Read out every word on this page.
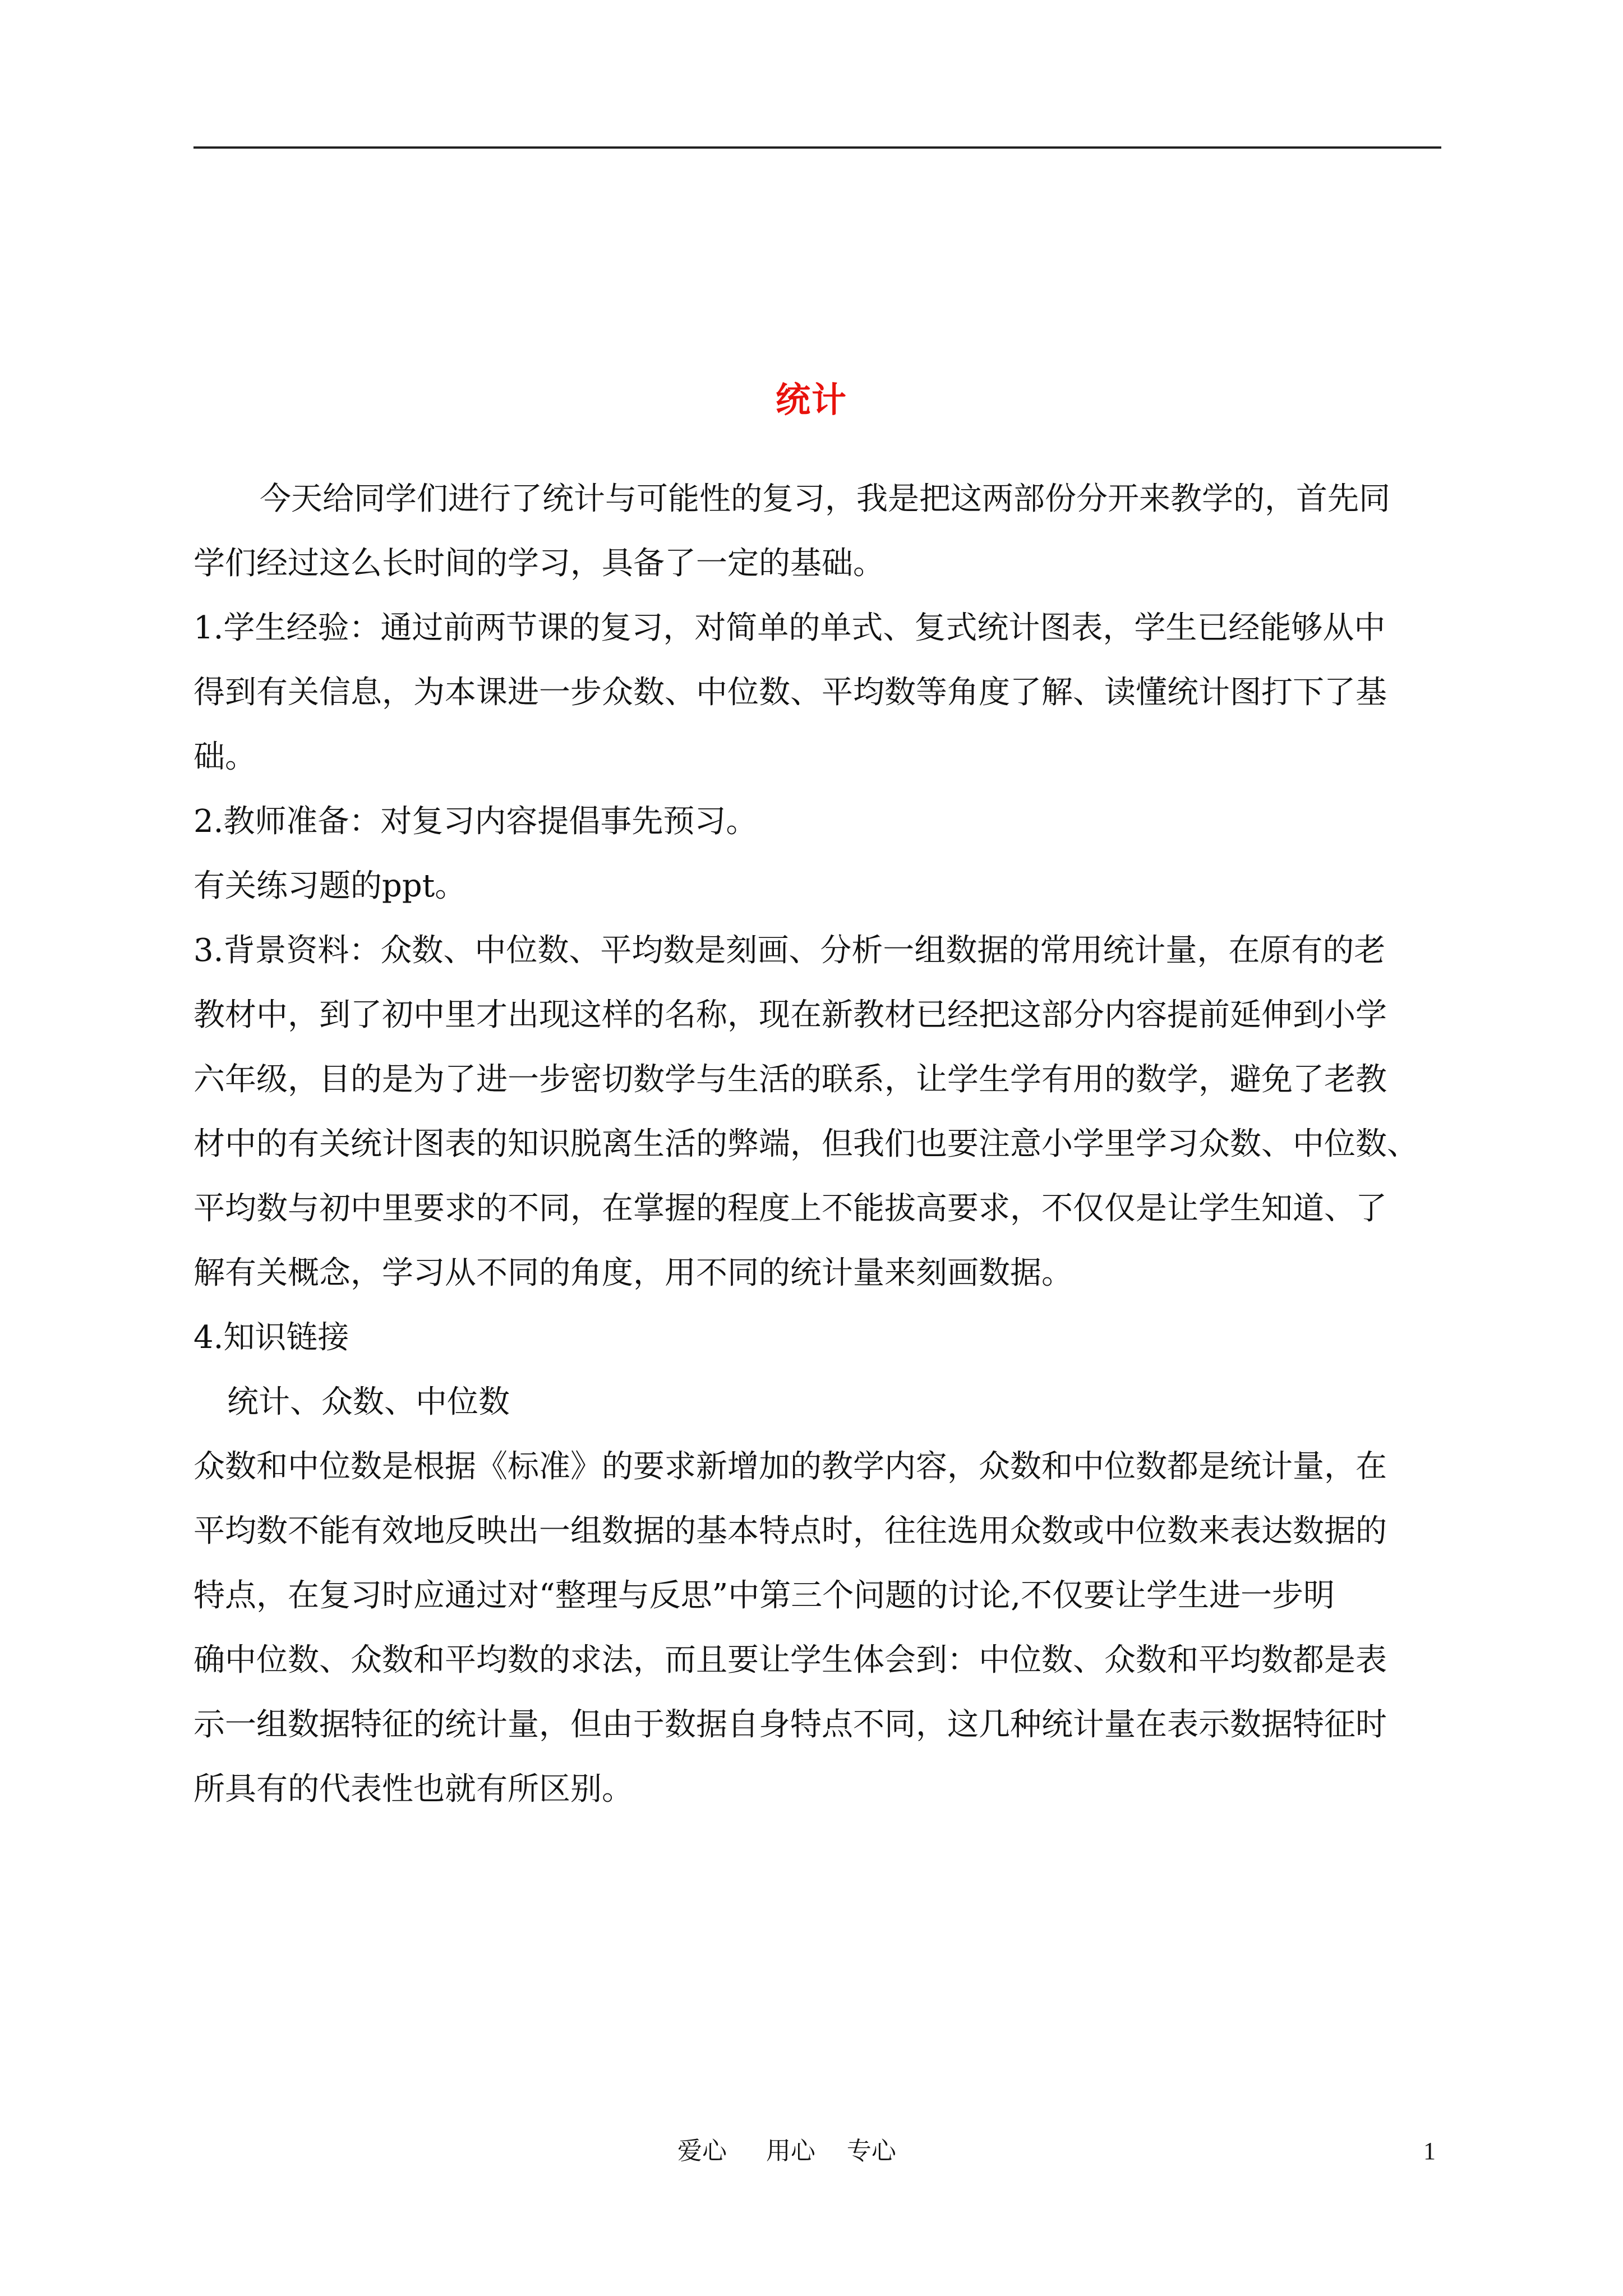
统计
今天给同学们进行了统计与可能性的复习，我是把这两部份分开来教学的，首先同
学们经过这么长时间的学习，具备了一定的基础。
1.学生经验：通过前两节课的复习，对简单的单式、复式统计图表，学生已经能够从中
得到有关信息，为本课进一步众数、中位数、平均数等角度了解、读懂统计图打下了基
础。
2.教师准备：对复习内容提倡事先预习。
有关练习题的ppt。
3.背景资料：众数、中位数、平均数是刻画、分析一组数据的常用统计量，在原有的老
教材中，到了初中里才出现这样的名称，现在新教材已经把这部分内容提前延伸到小学
六年级，目的是为了进一步密切数学与生活的联系，让学生学有用的数学，避免了老教
材中的有关统计图表的知识脱离生活的弊端，但我们也要注意小学里学习众数、中位数、
平均数与初中里要求的不同，在掌握的程度上不能拔高要求，不仅仅是让学生知道、了
解有关概念，学习从不同的角度，用不同的统计量来刻画数据。
4.知识链接
统计、众数、中位数
众数和中位数是根据《标准》的要求新增加的教学内容，众数和中位数都是统计量，在
平均数不能有效地反映出一组数据的基本特点时，往往选用众数或中位数来表达数据的
特点，在复习时应通过对“整理与反思”中第三个问题的讨论,不仅要让学生进一步明
确中位数、众数和平均数的求法，而且要让学生体会到：中位数、众数和平均数都是表
示一组数据特征的统计量，但由于数据自身特点不同，这几种统计量在表示数据特征时
所具有的代表性也就有所区别。
爱心     用心    专心	1
